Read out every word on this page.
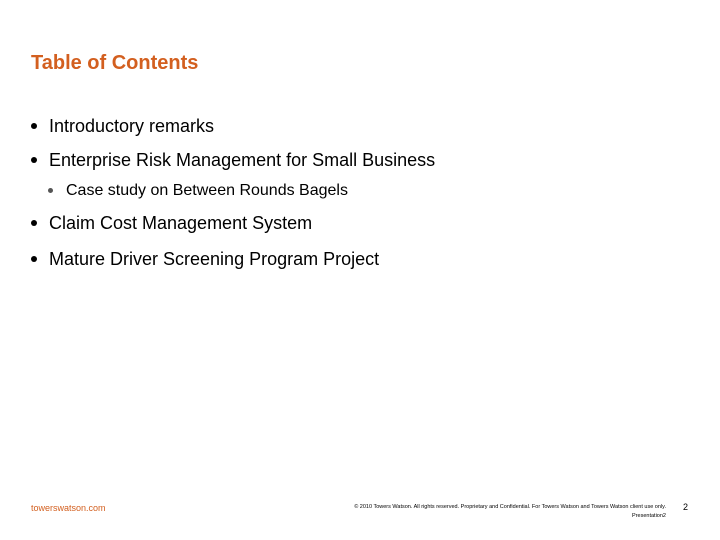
Table of Contents
Introductory remarks
Enterprise Risk Management for Small Business
Case study on Between Rounds Bagels
Claim Cost Management System
Mature Driver Screening Program Project
towerswatson.com	© 2010 Towers Watson. All rights reserved. Proprietary and Confidential. For Towers Watson and Towers Watson client use only.
Presentation2
2
